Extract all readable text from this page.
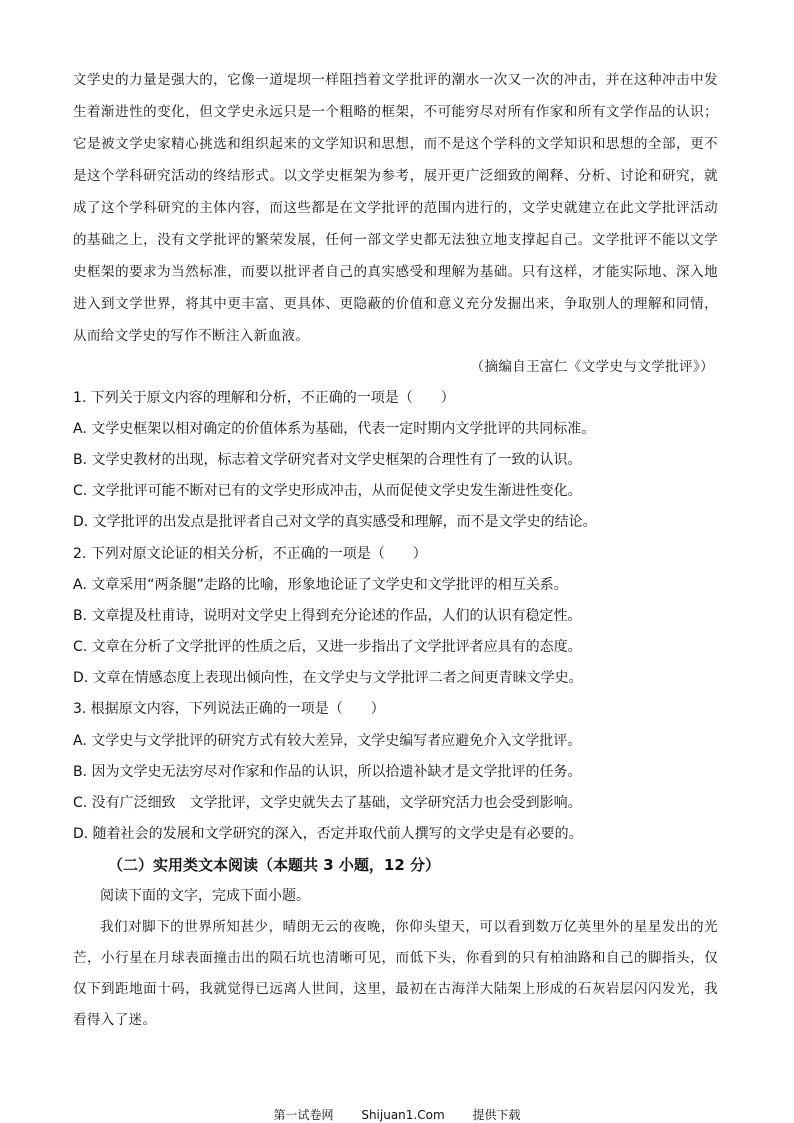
文学史的力量是强大的，它像一道堤坝一样阻挡着文学批评的潮水一次又一次的冲击，并在这种冲击中发
生着渐进性的变化，但文学史永远只是一个粗略的框架，不可能穷尽对所有作家和所有文学作品的认识；
它是被文学史家精心挑选和组织起来的文学知识和思想，而不是这个学科的文学知识和思想的全部，更不
是这个学科研究活动的终结形式。以文学史框架为参考，展开更广泛细致的阐释、分析、讨论和研究，就
成了这个学科研究的主体内容，而这些都是在文学批评的范围内进行的，文学史就建立在此文学批评活动
的基础之上，没有文学批评的繁荣发展，任何一部文学史都无法独立地支撑起自己。文学批评不能以文学
史框架的要求为当然标准，而要以批评者自己的真实感受和理解为基础。只有这样，才能实际地、深入地
进入到文学世界，将其中更丰富、更具体、更隐蔽的价值和意义充分发掘出来，争取别人的理解和同情，
从而给文学史的写作不断注入新血液。
（摘编自王富仁《文学史与文学批评》）
1. 下列关于原文内容的理解和分析，不正确的一项是（　　）
A. 文学史框架以相对确定的价值体系为基础，代表一定时期内文学批评的共同标准。
B. 文学史教材的出现，标志着文学研究者对文学史框架的合理性有了一致的认识。
C. 文学批评可能不断对已有的文学史形成冲击，从而促使文学史发生渐进性变化。
D. 文学批评的出发点是批评者自己对文学的真实感受和理解，而不是文学史的结论。
2. 下列对原文论证的相关分析，不正确的一项是（　　）
A. 文章采用“两条腿”走路的比喻，形象地论证了文学史和文学批评的相互关系。
B. 文章提及杜甫诗，说明对文学史上得到充分论述的作品，人们的认识有稳定性。
C. 文章在分析了文学批评的性质之后，又进一步指出了文学批评者应具有的态度。
D. 文章在情感态度上表现出倾向性，在文学史与文学批评二者之间更青睐文学史。
3. 根据原文内容，下列说法正确的一项是（　　）
A. 文学史与文学批评的研究方式有较大差异，文学史编写者应避免介入文学批评。
B. 因为文学史无法穷尽对作家和作品的认识，所以拾遗补缺才是文学批评的任务。
C. 没有广泛细致　文学批评，文学史就失去了基础，文学研究活力也会受到影响。
D. 随着社会的发展和文学研究的深入，否定并取代前人撰写的文学史是有必要的。
（二）实用类文本阅读（本题共 3 小题，12 分）
阅读下面的文字，完成下面小题。
我们对脚下的世界所知甚少，晴朗无云的夜晚，你仰头望天，可以看到数万亿英里外的星星发出的光
芒，小行星在月球表面撞击出的陨石坑也清晰可见，而低下头，你看到的只有柏油路和自己的脚指头，仅
仅下到距地面十码，我就觉得已远离人世间，这里，最初在古海洋大陆架上形成的石灰岩层闪闪发光，我
看得入了迷。
第一试卷网 Shijuan1.Com 提供下载
